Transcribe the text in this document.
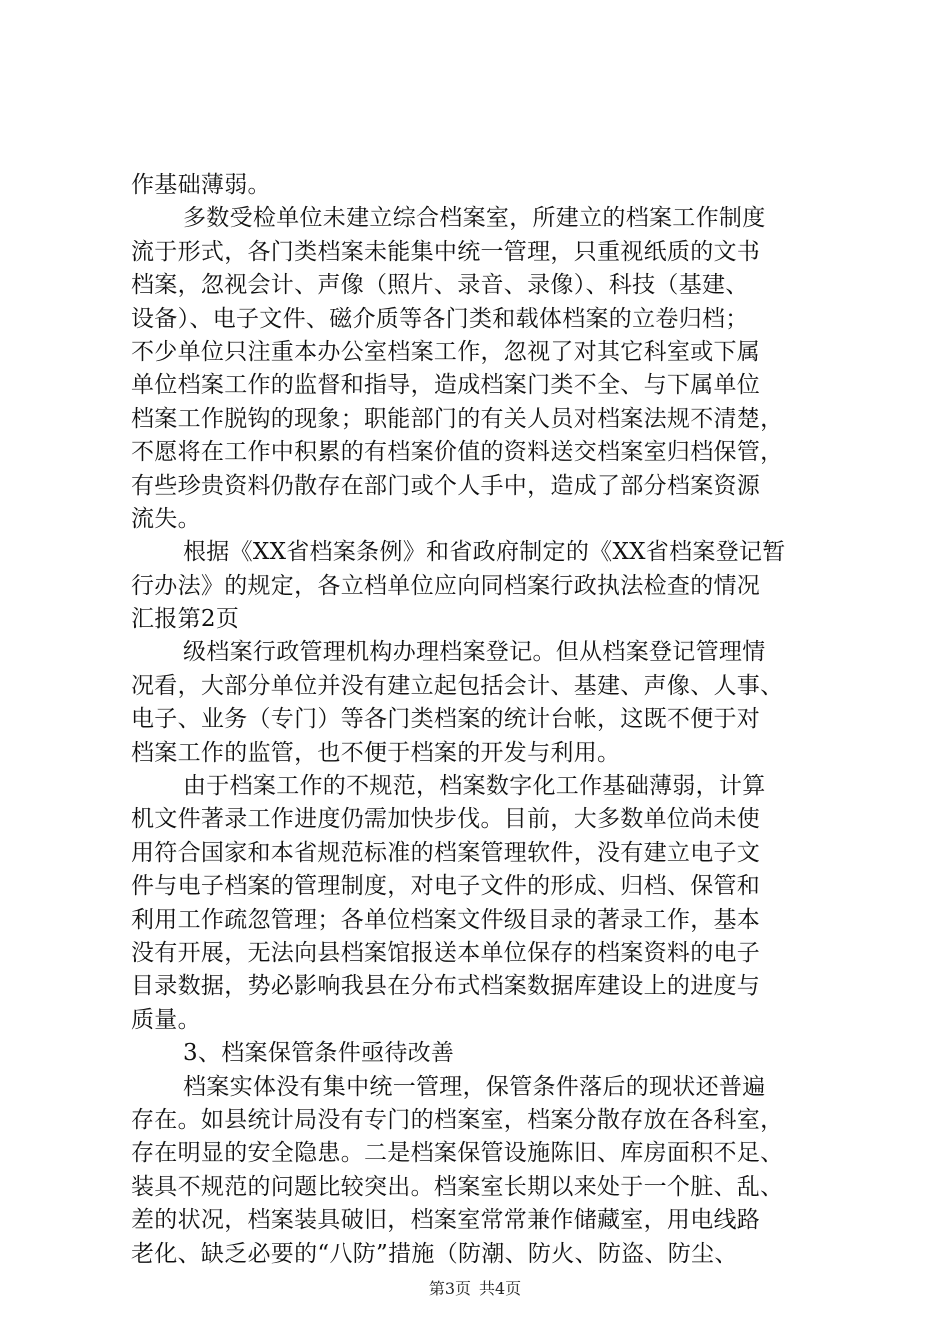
作基础薄弱。
多数受检单位未建立综合档案室，所建立的档案工作制度
流于形式，各门类档案未能集中统一管理，只重视纸质的文书
档案，忽视会计、声像（照片、录音、录像）、科技（基建、
设备）、电子文件、磁介质等各门类和载体档案的立卷归档；
不少单位只注重本办公室档案工作，忽视了对其它科室或下属
单位档案工作的监督和指导，造成档案门类不全、与下属单位
档案工作脱钩的现象；职能部门的有关人员对档案法规不清楚，
不愿将在工作中积累的有档案价值的资料送交档案室归档保管，
有些珍贵资料仍散存在部门或个人手中，造成了部分档案资源
流失。
根据《XX省档案条例》和省政府制定的《XX省档案登记暂
行办法》的规定，各立档单位应向同档案行政执法检查的情况
汇报第2页
级档案行政管理机构办理档案登记。但从档案登记管理情
况看，大部分单位并没有建立起包括会计、基建、声像、人事、
电子、业务（专门）等各门类档案的统计台帐，这既不便于对
档案工作的监管，也不便于档案的开发与利用。
由于档案工作的不规范，档案数字化工作基础薄弱，计算
机文件著录工作进度仍需加快步伐。目前，大多数单位尚未使
用符合国家和本省规范标准的档案管理软件，没有建立电子文
件与电子档案的管理制度，对电子文件的形成、归档、保管和
利用工作疏忽管理；各单位档案文件级目录的著录工作，基本
没有开展，无法向县档案馆报送本单位保存的档案资料的电子
目录数据，势必影响我县在分布式档案数据库建设上的进度与
质量。
3、档案保管条件亟待改善
档案实体没有集中统一管理，保管条件落后的现状还普遍
存在。如县统计局没有专门的档案室，档案分散存放在各科室，
存在明显的安全隐患。二是档案保管设施陈旧、库房面积不足、
装具不规范的问题比较突出。档案室长期以来处于一个脏、乱、
差的状况，档案装具破旧，档案室常常兼作储藏室，用电线路
老化、缺乏必要的“八防”措施（防潮、防火、防盗、防尘、
第3页 共4页
